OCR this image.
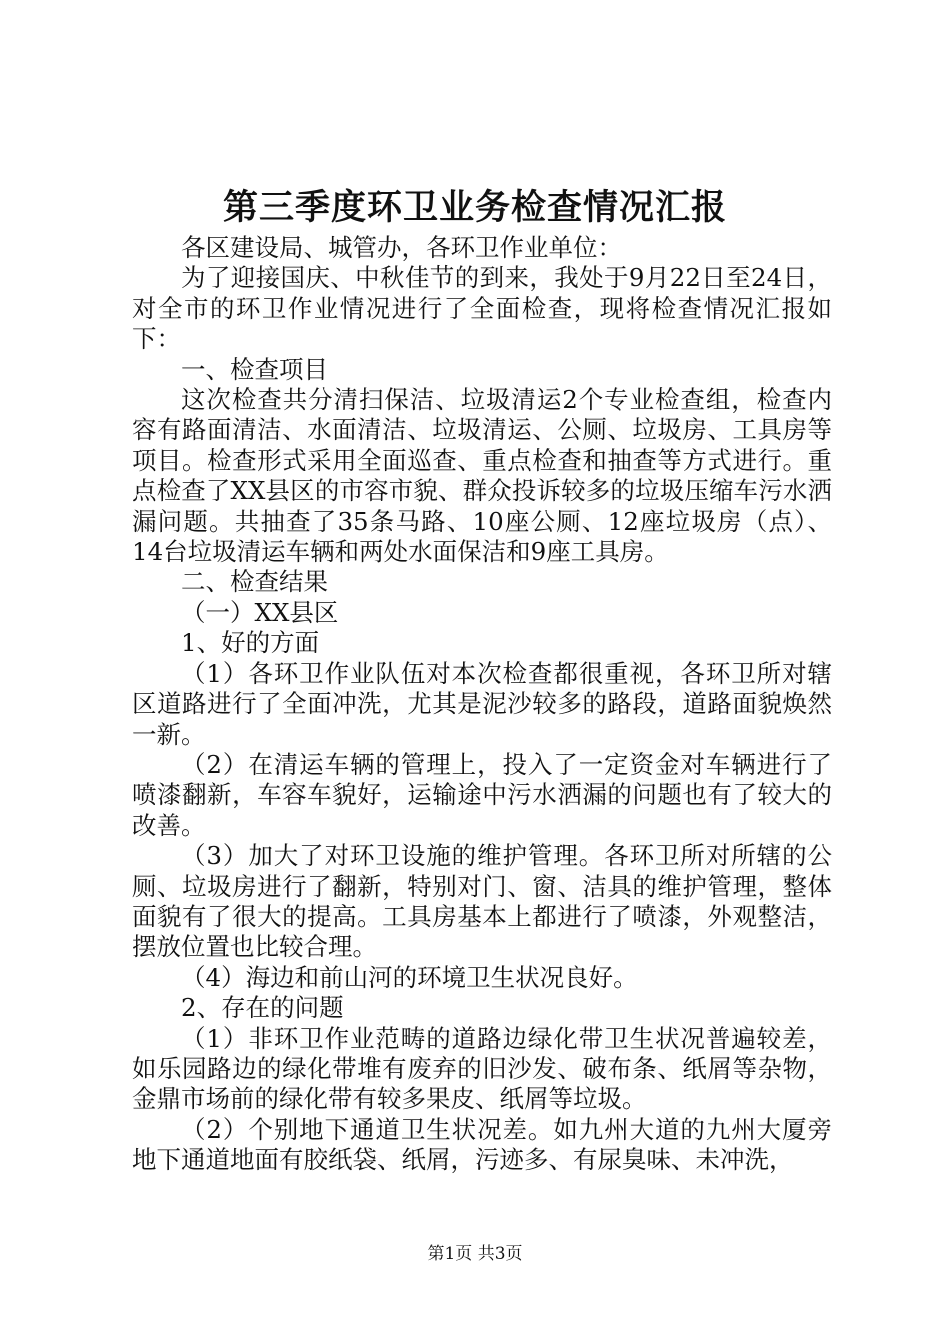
第三季度环卫业务检查情况汇报

各区建设局、城管办，各环卫作业单位：

为了迎接国庆、中秋佳节的到来，我处于9月22日至24日，对全市的环卫作业情况进行了全面检查，现将检查情况汇报如下：

一、检查项目

这次检查共分清扫保洁、垃圾清运2个专业检查组，检查内容有路面清洁、水面清洁、垃圾清运、公厕、垃圾房、工具房等项目。检查形式采用全面巡查、重点检查和抽查等方式进行。重点检查了XX县区的市容市貌、群众投诉较多的垃圾压缩车污水洒漏问题。共抽查了35条马路、10座公厕、12座垃圾房（点）、14台垃圾清运车辆和两处水面保洁和9座工具房。

二、检查结果

（一）XX县区

1、好的方面

（1）各环卫作业队伍对本次检查都很重视，各环卫所对辖区道路进行了全面冲洗，尤其是泥沙较多的路段，道路面貌焕然一新。

（2）在清运车辆的管理上，投入了一定资金对车辆进行了喷漆翻新，车容车貌好，运输途中污水洒漏的问题也有了较大的改善。

（3）加大了对环卫设施的维护管理。各环卫所对所辖的公厕、垃圾房进行了翻新，特别对门、窗、洁具的维护管理，整体面貌有了很大的提高。工具房基本上都进行了喷漆，外观整洁，摆放位置也比较合理。

（4）海边和前山河的环境卫生状况良好。

2、存在的问题

（1）非环卫作业范畴的道路边绿化带卫生状况普遍较差，如乐园路边的绿化带堆有废弃的旧沙发、破布条、纸屑等杂物，金鼎市场前的绿化带有较多果皮、纸屑等垃圾。

（2）个别地下通道卫生状况差。如九州大道的九州大厦旁地下通道地面有胶纸袋、纸屑，污迹多、有尿臭味、未冲洗，

第1页 共3页
